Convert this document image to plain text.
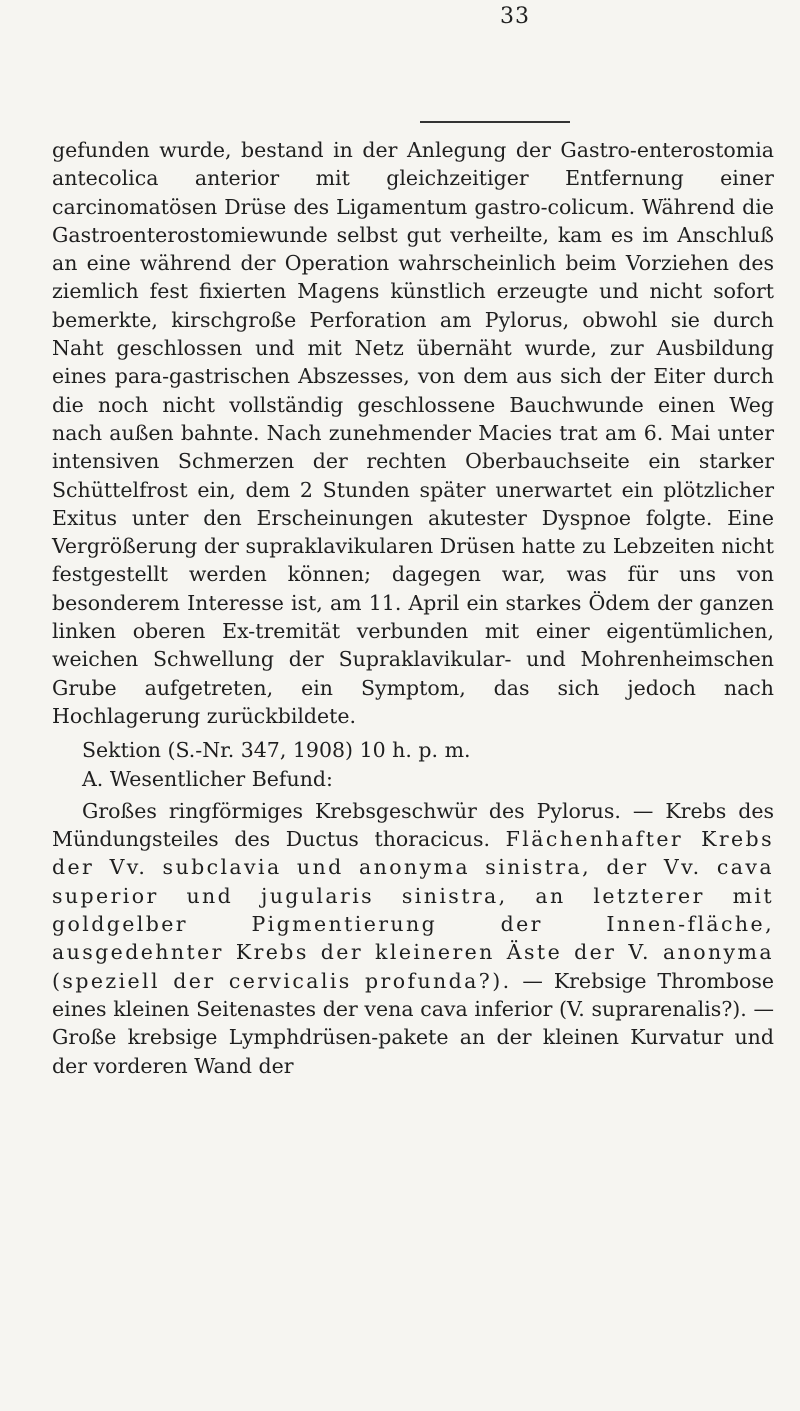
33

gefunden wurde, bestand in der Anlegung der Gastro-enterostomia antecolica anterior mit gleichzeitiger Entfernung einer carcinomatösen Drüse des Ligamentum gastro-colicum. Während die Gastroenterostomiewunde selbst gut verheilte, kam es im Anschluß an eine während der Operation wahrscheinlich beim Vorziehen des ziemlich fest fixierten Magens künstlich erzeugte und nicht sofort bemerkte, kirschgroße Perforation am Pylorus, obwohl sie durch Naht geschlossen und mit Netz übernäht wurde, zur Ausbildung eines para-gastrischen Abszesses, von dem aus sich der Eiter durch die noch nicht vollständig geschlossene Bauchwunde einen Weg nach außen bahnte. Nach zunehmender Macies trat am 6. Mai unter intensiven Schmerzen der rechten Oberbauchseite ein starker Schüttelfrost ein, dem 2 Stunden später unerwartet ein plötzlicher Exitus unter den Erscheinungen akutester Dyspnoe folgte. Eine Vergrößerung der supraklavikularen Drüsen hatte zu Lebzeiten nicht festgestellt werden können; dagegen war, was für uns von besonderem Interesse ist, am 11. April ein starkes Ödem der ganzen linken oberen Ex-tremität verbunden mit einer eigentümlichen, weichen Schwellung der Supraklavikular- und Mohrenheimschen Grube aufgetreten, ein Symptom, das sich jedoch nach Hochlagerung zurückbildete.

Sektion (S.-Nr. 347, 1908) 10 h. p. m.

A. Wesentlicher Befund:

Großes ringförmiges Krebsgeschwür des Pylorus. — Krebs des Mündungsteiles des Ductus thoracicus. Flächenhafter Krebs der Vv. subclavia und anonyma sinistra, der Vv. cava superior und jugularis sinistra, an letzterer mit goldgelber Pigmentierung der Innen-fläche, ausgedehnter Krebs der kleineren Äste der V. anonyma (speziell der cervicalis profunda?). — Krebsige Thrombose eines kleinen Seitenastes der vena cava inferior (V. suprarenalis?). — Große krebsige Lymphdrüsen-pakete an der kleinen Kurvatur und der vorderen Wand der
